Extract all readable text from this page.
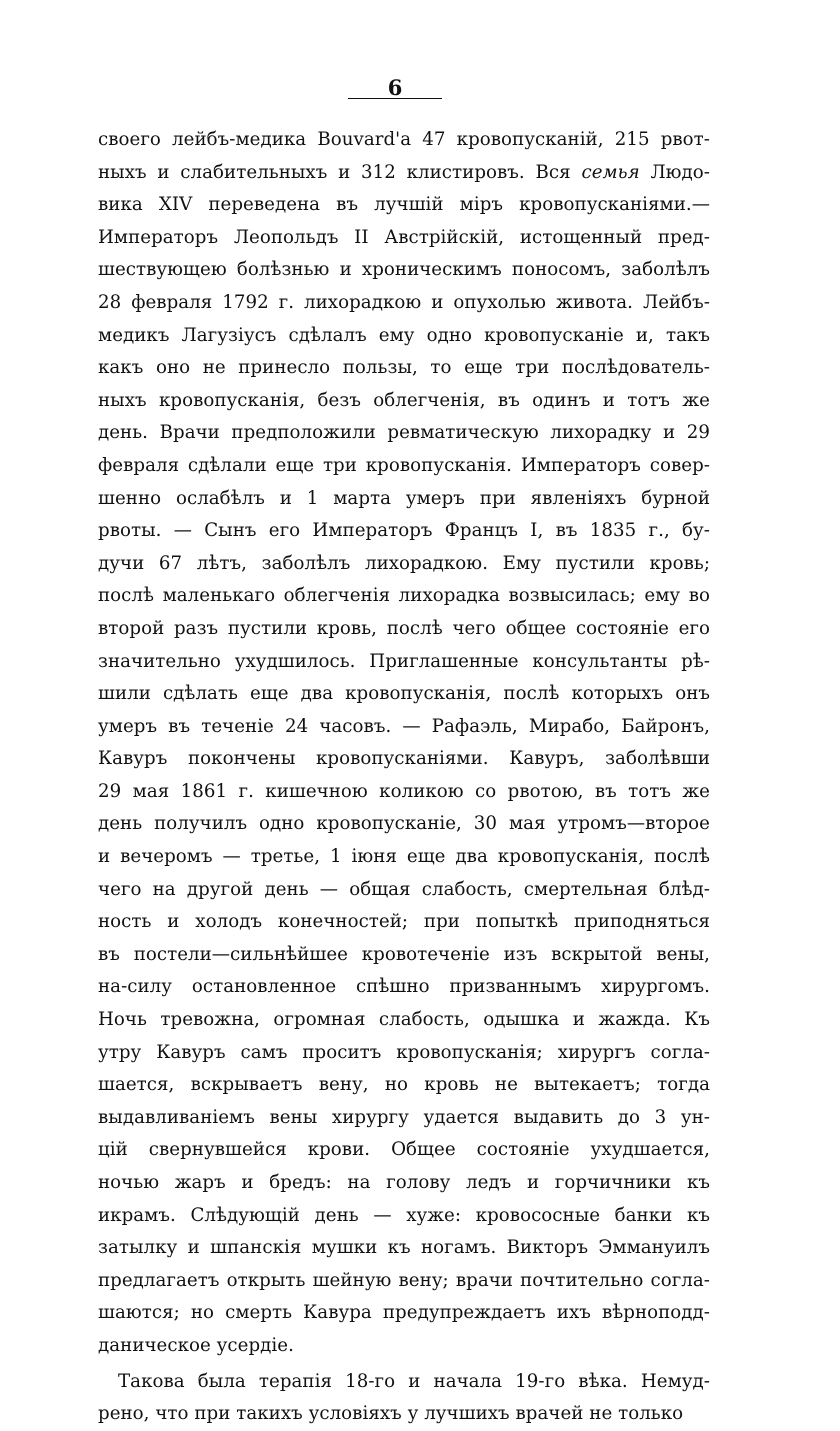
6
своего лейбъ-медика Bouvard'а 47 кровопусканій, 215 рвот-
ныхъ и слабительныхъ и 312 клистировъ. Вся семья Людо-
вика XIV переведена въ лучшій міръ кровопусканіями.—
Императоръ Леопольдъ II Австрійскій, истощенный пред-
шествующею болѣзнью и хроническимъ поносомъ, заболѣлъ
28 февраля 1792 г. лихорадкою и опухолью живота. Лейбъ-
медикъ Лагузіусъ сдѣлалъ ему одно кровопусканіе и, такъ
какъ оно не принесло пользы, то еще три послѣдователь-
ныхъ кровопусканія, безъ облегченія, въ одинъ и тотъ же
день. Врачи предположили ревматическую лихорадку и 29
февраля сдѣлали еще три кровопусканія. Императоръ совер-
шенно ослабѣлъ и 1 марта умеръ при явленіяхъ бурной
рвоты. — Сынъ его Императоръ Францъ I, въ 1835 г., бу-
дучи 67 лѣтъ, заболѣлъ лихорадкою. Ему пустили кровь;
послѣ маленькаго облегченія лихорадка возвысилась; ему во
второй разъ пустили кровь, послѣ чего общее состояніе его
значительно ухудшилось. Приглашенные консультанты рѣ-
шили сдѣлать еще два кровопусканія, послѣ которыхъ онъ
умеръ въ теченіе 24 часовъ. — Рафаэль, Мирабо, Байронъ,
Кавуръ покончены кровопусканіями. Кавуръ, заболѣвши
29 мая 1861 г. кишечною коликою со рвотою, въ тотъ же
день получилъ одно кровопусканіе, 30 мая утромъ—второе
и вечеромъ — третье, 1 іюня еще два кровопусканія, послѣ
чего на другой день — общая слабость, смертельная блѣд-
ность и холодъ конечностей; при попыткѣ приподняться
въ постели—сильнѣйшее кровотеченіе изъ вскрытой вены,
на-силу остановленное спѣшно призваннымъ хирургомъ.
Ночь тревожна, огромная слабость, одышка и жажда. Къ
утру Кавуръ самъ проситъ кровопусканія; хирургъ согла-
шается, вскрываетъ вену, но кровь не вытекаетъ; тогда
выдавливаніемъ вены хирургу удается выдавить до 3 ун-
цій свернувшейся крови. Общее состояніе ухудшается,
ночью жаръ и бредъ: на голову ледъ и горчичники къ
икрамъ. Слѣдующій день — хуже: кровососные банки къ
затылку и шпанскія мушки къ ногамъ. Викторъ Эммануилъ
предлагаетъ открыть шейную вену; врачи почтительно согла-
шаются; но смерть Кавура предупреждаетъ ихъ вѣрноподд-
даническое усердіе.
Такова была терапія 18-го и начала 19-го вѣка. Немуд-
рено, что при такихъ условіяхъ у лучшихъ врачей не только
